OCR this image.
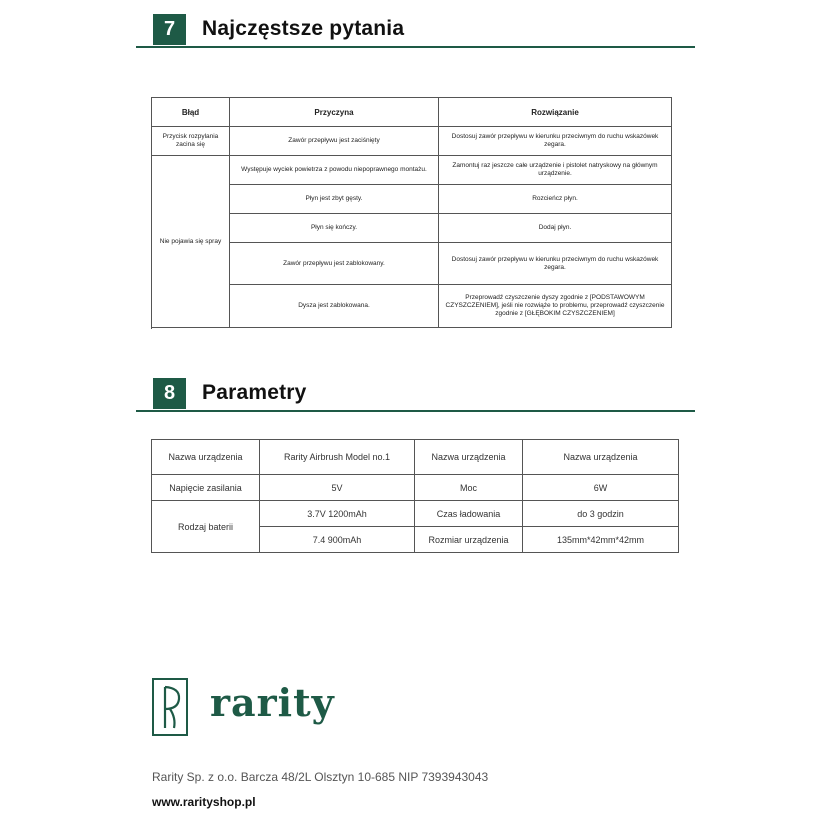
7	Najczęstsze pytania
Błąd	Przyczyna	Rozwiązanie
Przycisk rozpylania zacina się	Zawór przepływu jest zaciśnięty	Dostosuj zawór przepływu w kierunku przeciwnym do ruchu wskazówek zegara.
Nie pojawia się spray	Występuje wyciek powietrza z powodu niepoprawnego montażu.	Zamontuj raz jeszcze całe urządzenie i pistolet natryskowy na głównym urządzenie.
	Płyn jest zbyt gęsty.	Rozcieńcz płyn.
	Płyn się kończy.	Dodaj płyn.
	Zawór przepływu jest zablokowany.	Dostosuj zawór przepływu w kierunku przeciwnym do ruchu wskazówek zegara.
	Dysza jest zablokowana.	Przeprowadź czyszczenie dyszy zgodnie z [PODSTAWOWYM CZYSZCZENIEM], jeśli nie rozwiąże to problemu, przeprowadź czyszczenie zgodnie z [GŁĘBOKIM CZYSZCZENIEM]

8	Parametry
Nazwa urządzenia	Rarity Airbrush Model no.1	Nazwa urządzenia	Nazwa urządzenia
Napięcie zasilania	5V	Moc	6W
Rodzaj baterii	3.7V 1200mAh	Czas ładowania	do 3 godzin
	7.4 900mAh	Rozmiar urządzenia	135mm*42mm*42mm
rarity
Rarity Sp. z o.o. Barcza 48/2L Olsztyn 10-685 NIP 7393943043
www.rarityshop.pl
